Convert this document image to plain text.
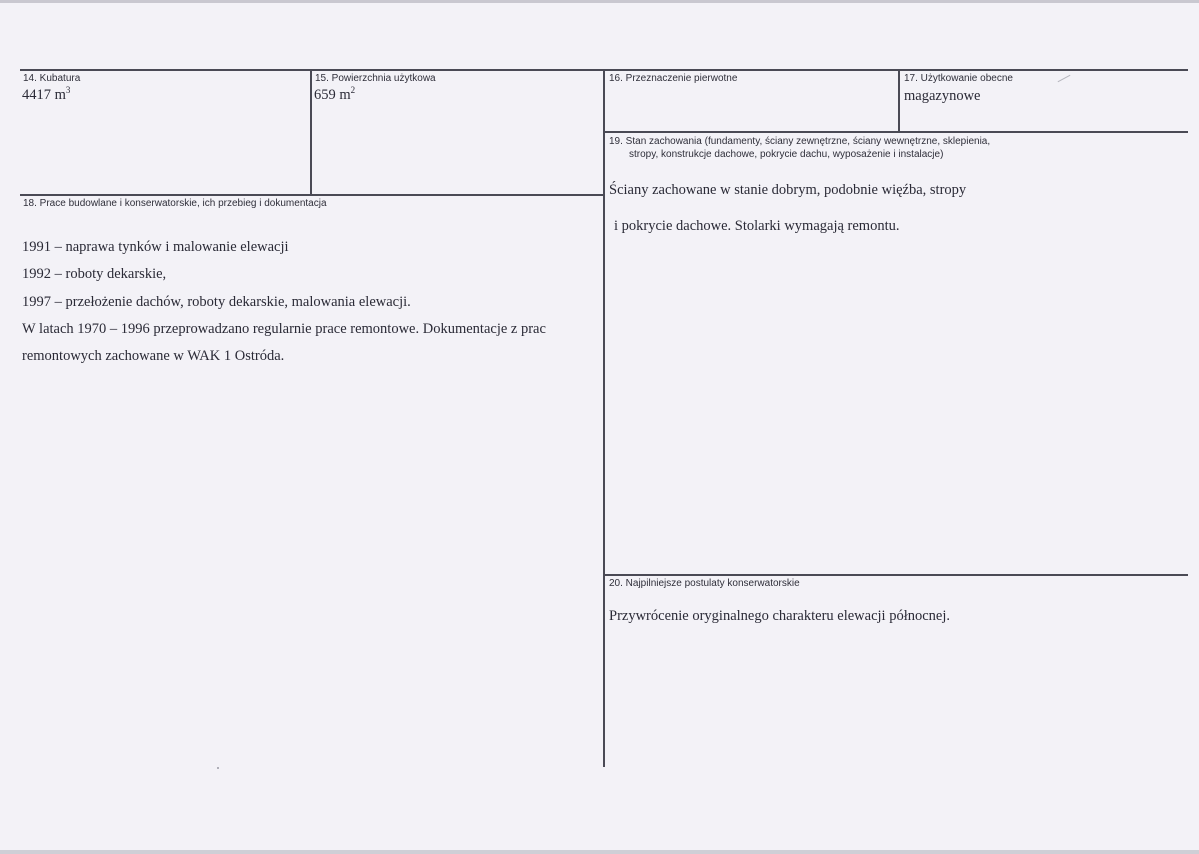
14. Kubatura
4417 $m^3$
15. Powierzchnia użytkowa
659 $m^2$
16. Przeznaczenie pierwotne	17. Użytkowanie obecne
magazynowe
19. Stan zachowania (fundamenty, ściany zewnętrzne, ściany wewnętrzne, sklepienia,
stropy, konstrukcje dachowe, pokrycie dachu, wyposażenie i instalacje)
Ściany zachowane w stanie dobrym, podobnie więźba, stropy
i pokrycie dachowe. Stolarki wymagają remontu.
18. Prace budowlane i konserwatorskie, ich przebieg i dokumentacja
1991 – naprawa tynków i malowanie elewacji
1992 – roboty dekarskie,
1997 – przełożenie dachów, roboty dekarskie, malowania elewacji.
W latach 1970 – 1996 przeprowadzano regularnie prace remontowe. Dokumentacje z prac
remontowych zachowane w WAK 1 Ostróda.
20. Najpilniejsze postulaty konserwatorskie
Przywrócenie oryginalnego charakteru elewacji północnej.
